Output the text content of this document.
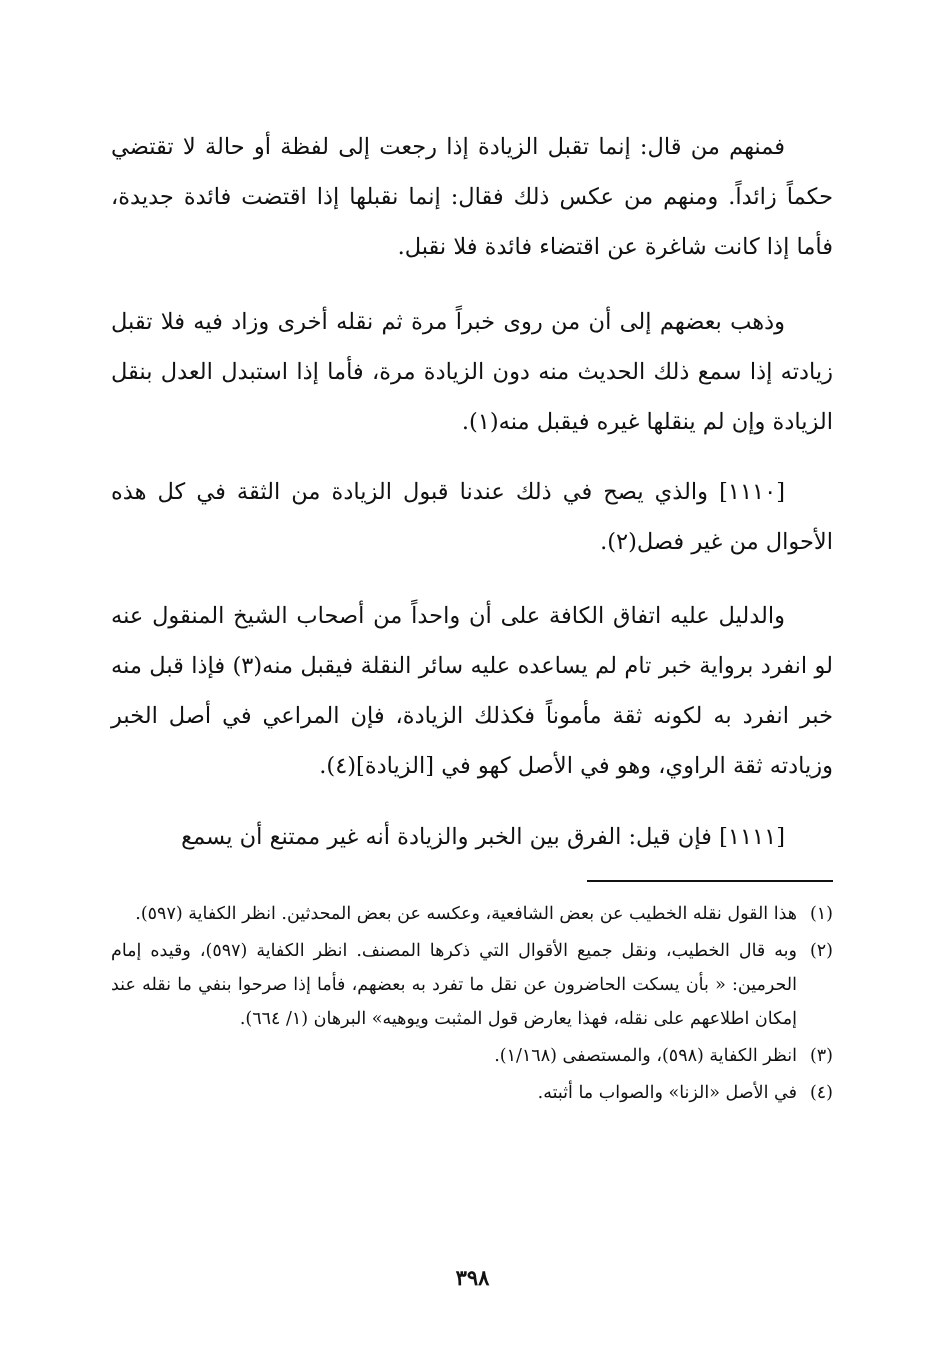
فمنهم من قال: إنما تقبل الزيادة إذا رجعت إلى لفظة أو حالة لا تقتضي حكماً زائداً. ومنهم من عكس ذلك فقال: إنما نقبلها إذا اقتضت فائدة جديدة، فأما إذا كانت شاغرة عن اقتضاء فائدة فلا نقبل.

وذهب بعضهم إلى أن من روى خبراً مرة ثم نقله أخرى وزاد فيه فلا تقبل زيادته إذا سمع ذلك الحديث منه دون الزيادة مرة، فأما إذا استبدل العدل بنقل الزيادة وإن لم ينقلها غيره فيقبل منه(١).

[١١١٠] والذي يصح في ذلك عندنا قبول الزيادة من الثقة في كل هذه الأحوال من غير فصل(٢).

والدليل عليه اتفاق الكافة على أن واحداً من أصحاب الشيخ المنقول عنه لو انفرد برواية خبر تام لم يساعده عليه سائر النقلة فيقبل منه(٣) فإذا قبل منه خبر انفرد به لكونه ثقة مأموناً فكذلك الزيادة، فإن المراعي في أصل الخبر وزيادته ثقة الراوي، وهو في الأصل كهو في [الزيادة](٤).

[١١١١] فإن قيل: الفرق بين الخبر والزيادة أنه غير ممتنع أن يسمع

(١)
هذا القول نقله الخطيب عن بعض الشافعية، وعكسه عن بعض المحدثين. انظر الكفاية (٥٩٧).
(٢)
وبه قال الخطيب، ونقل جميع الأقوال التي ذكرها المصنف. انظر الكفاية (٥٩٧)، وقيده إمام الحرمين: « بأن يسكت الحاضرون عن نقل ما تفرد به بعضهم، فأما إذا صرحوا بنفي ما نقله عند إمكان اطلاعهم على نقله، فهذا يعارض قول المثبت ويوهيه» البرهان (١/ ٦٦٤).
(٣)
انظر الكفاية (٥٩٨)، والمستصفى (١/١٦٨).
(٤)
في الأصل «الزنا» والصواب ما أثبته.
٣٩٨
